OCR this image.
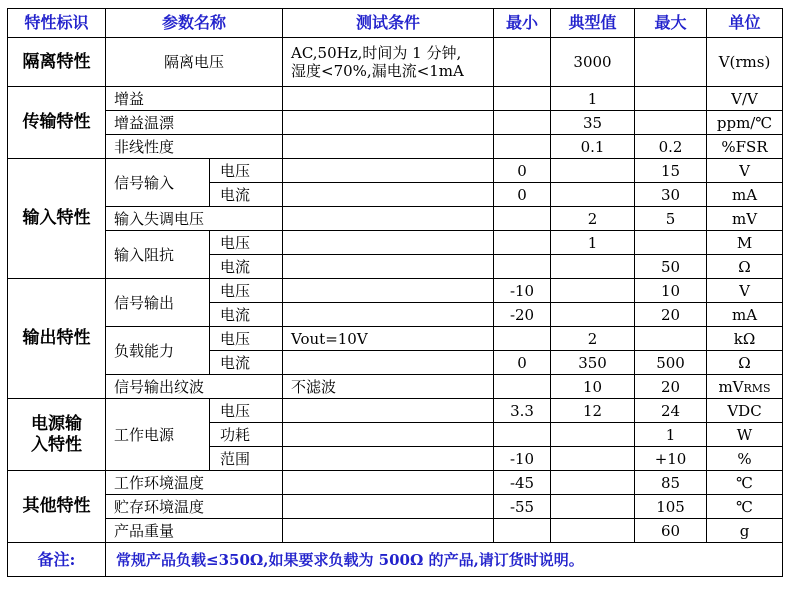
特性标识	参数名称		测试条件	最小	典型值	最大	单位
隔离特性	隔离电压		AC,50Hz,时间为 1 分钟,
湿度<70%,漏电流<1mA		3000		V(rms)
传输特性	增益				1		V/V
	增益温漂				35		ppm/℃
	非线性度				0.1	0.2	%FSR
输入特性	信号输入	电压		0		15	V
		电流		0		30	mA
	输入失调电压				2	5	mV
	输入阻抗	电压			1		M
		电流				50	Ω
输出特性	信号输出	电压		-10		10	V
		电流		-20		20	mA
	负载能力	电压	Vout=10V		2		kΩ
		电流		0	350	500	Ω
	信号输出纹波		不滤波		10	20	mVRMS
电源输
入特性	工作电源	电压		3.3	12	24	VDC
		功耗				1	W
		范围		-10		+10	%
其他特性	工作环境温度			-45		85	℃
	贮存环境温度			-55		105	℃
	产品重量					60	g
备注:	常规产品负载≤350Ω,如果要求负载为 500Ω 的产品,请订货时说明。						
